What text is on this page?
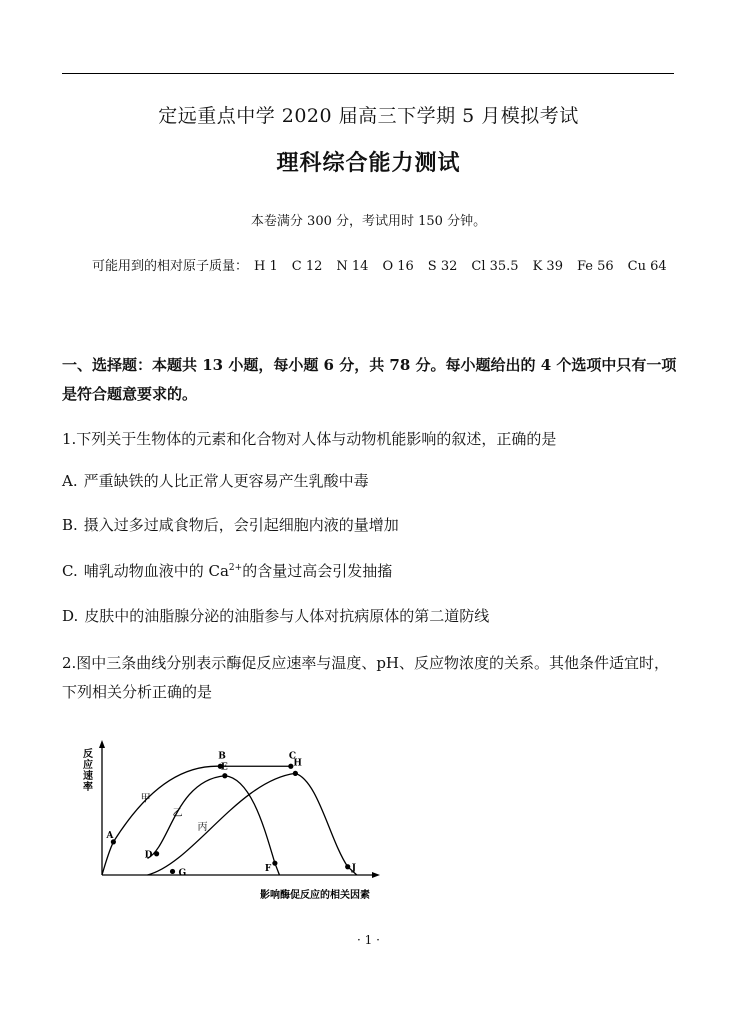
定远重点中学 2020 届高三下学期 5 月模拟考试
理科综合能力测试
本卷满分 300 分，考试用时 150 分钟。
可能用到的相对原子质量： H 1 C 12 N 14 O 16 S 32 Cl 35.5 K 39 Fe 56 Cu 64
一、选择题：本题共 13 小题，每小题 6 分，共 78 分。每小题给出的 4 个选项中只有一项是符合题意要求的。
1.下列关于生物体的元素和化合物对人体与动物机能影响的叙述，正确的是
A. 严重缺铁的人比正常人更容易产生乳酸中毒
B. 摄入过多过咸食物后，会引起细胞内液的量增加
C. 哺乳动物血液中的 $Ca^{2+}$的含量过高会引发抽搐
D. 皮肤中的油脂腺分泌的油脂参与人体对抗病原体的第二道防线
2.图中三条曲线分别表示酶促反应速率与温度、pH、反应物浓度的关系。其他条件适宜时，下列相关分析正确的是
反
应
速
率
影响酶促反应的相关因素
A
B	C
D
E
F
G
H
J
甲
乙
丙
· 1 ·
